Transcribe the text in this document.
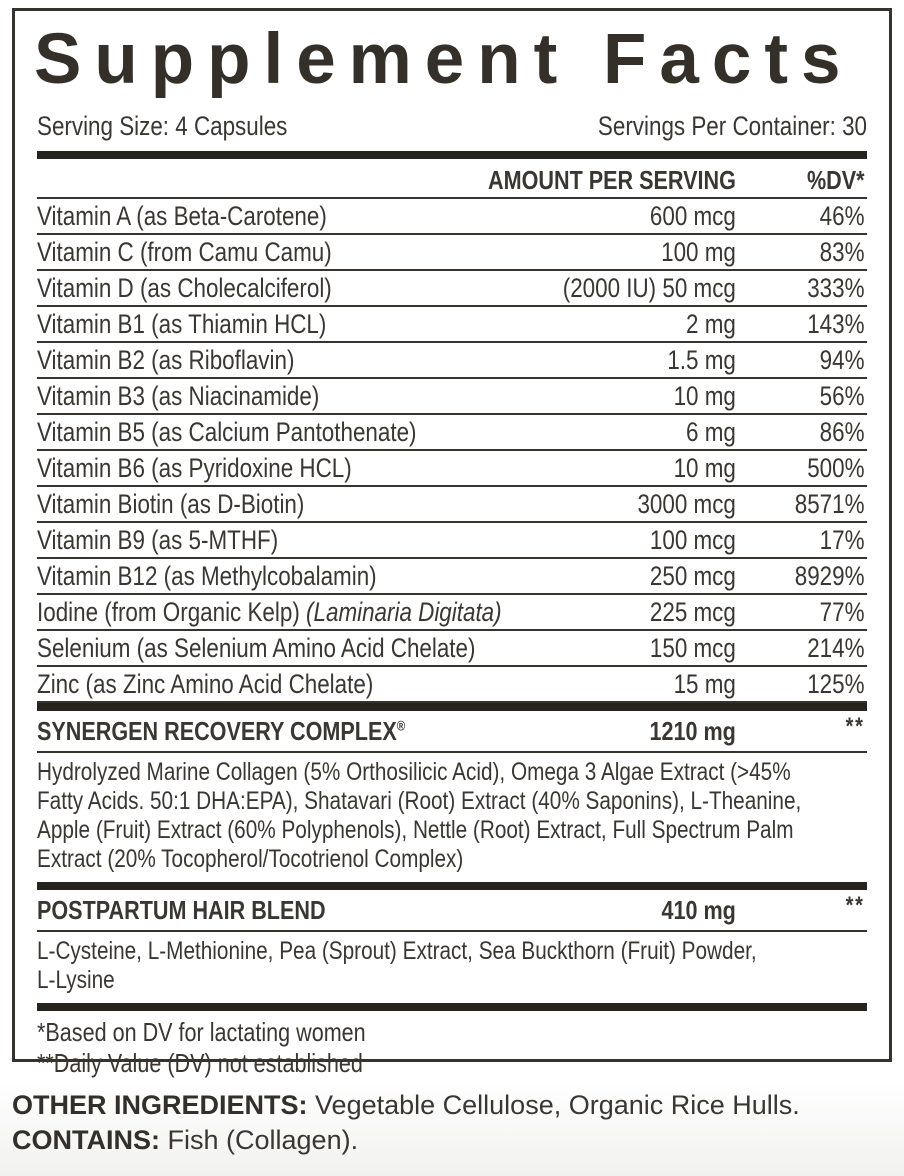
Supplement Facts
Serving Size: 4 Capsules	Servings Per Container: 30
AMOUNT PER SERVING	%DV*
Vitamin A (as Beta-Carotene)	600 mcg	46%
Vitamin C (from Camu Camu)	100 mg	83%
Vitamin D (as Cholecalciferol)	(2000 IU) 50 mcg	333%
Vitamin B1 (as Thiamin HCL)	2 mg	143%
Vitamin B2 (as Riboflavin)	1.5 mg	94%
Vitamin B3 (as Niacinamide)	10 mg	56%
Vitamin B5 (as Calcium Pantothenate)	6 mg	86%
Vitamin B6 (as Pyridoxine HCL)	10 mg	500%
Vitamin Biotin (as D-Biotin)	3000 mcg	8571%
Vitamin B9 (as 5-MTHF)	100 mcg	17%
Vitamin B12 (as Methylcobalamin)	250 mcg	8929%
Iodine (from Organic Kelp) (Laminaria Digitata)	225 mcg	77%
Selenium (as Selenium Amino Acid Chelate)	150 mcg	214%
Zinc (as Zinc Amino Acid Chelate)	15 mg	125%
SYNERGEN RECOVERY COMPLEX®	1210 mg	**

Hydrolyzed Marine Collagen (5% Orthosilicic Acid), Omega 3 Algae Extract (>45%
Fatty Acids. 50:1 DHA:EPA), Shatavari (Root) Extract (40% Saponins), L-Theanine,
Apple (Fruit) Extract (60% Polyphenols), Nettle (Root) Extract, Full Spectrum Palm
Extract (20% Tocopherol/Tocotrienol Complex)

POSTPARTUM HAIR BLEND	410 mg	**

L-Cysteine, L-Methionine, Pea (Sprout) Extract, Sea Buckthorn (Fruit) Powder,
L-Lysine

*Based on DV for lactating women
**Daily Value (DV) not established

OTHER INGREDIENTS: Vegetable Cellulose, Organic Rice Hulls.

CONTAINS: Fish (Collagen).
